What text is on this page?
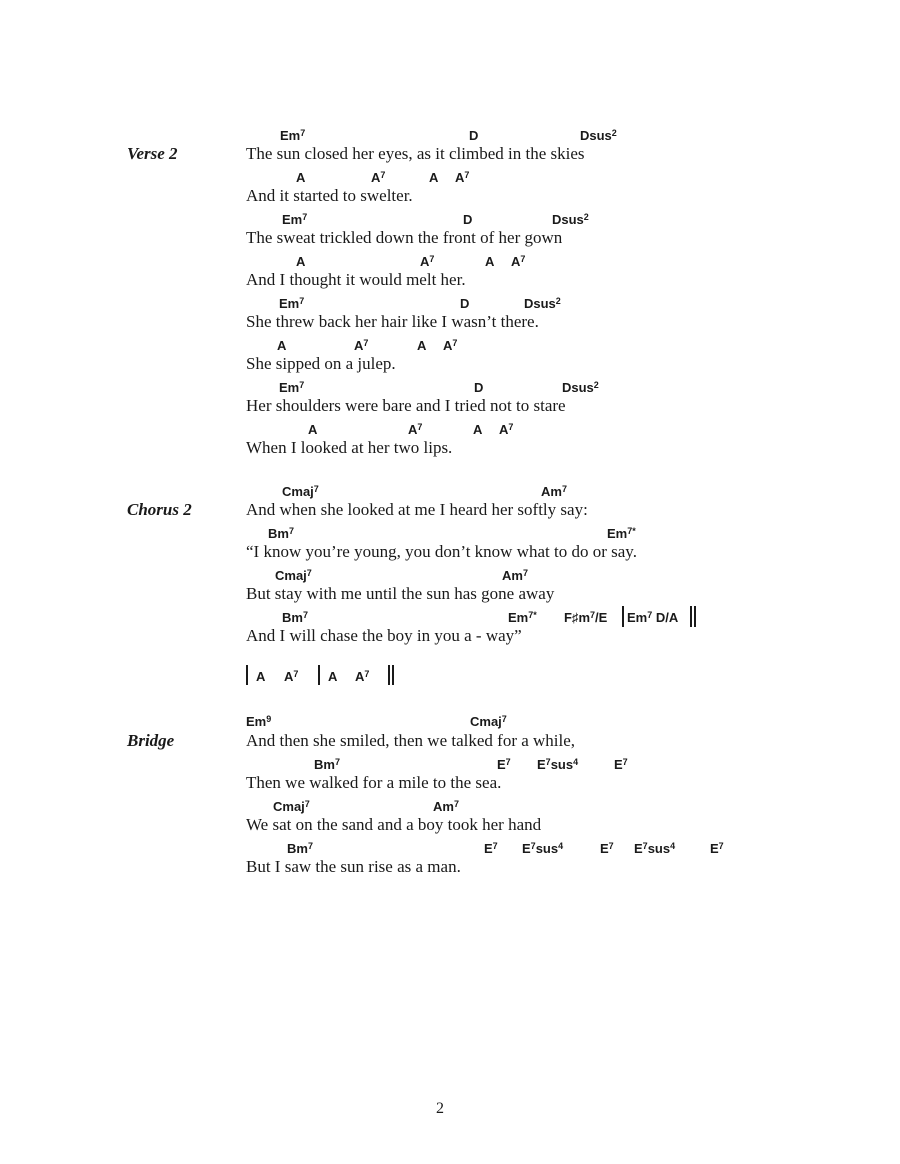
Verse 2
Em$^7$	D	Dsus$^2$
The sun closed her eyes, as it climbed in the skies
A	$A^7$	A $A^7$
And it started to swelter.
Em$^7$	D	Dsus$^2$
The sweat trickled down the front of her gown
A	$A^7$	A $A^7$
And I thought it would melt her.
Em$^7$	D	Dsus$^2$
She threw back her hair like I wasn’t there.
A	$A^7$	A $A^7$
She sipped on a julep.
Em$^7$	D	Dsus$^2$
Her shoulders were bare and I tried not to stare
A	$A^7$	A $A^7$
When I looked at her two lips.
Chorus 2
Cmaj$^7$	Am$^7$
And when she looked at me I heard her softly say:
Bm$^7$	$Em^{7*}$
“I know you’re young, you don’t know what to do or say.
Cmaj$^7$	Am$^7$
But stay with me until the sun has gone away
Bm$^7$	$Em^{7*}$ $F♯m^7/E$ Em$^7$ D/A
And I will chase the boy in you a - way”
A $A^7$ A $A^7$
Bridge
Em$^9$	Cmaj$^7$
And then she smiled, then we talked for a while,
Bm$^7$	$E^7$ $E^7sus^4$	$E^7$
Then we walked for a mile to the sea.
Cmaj$^7$	Am$^7$
We sat on the sand and a boy took her hand
Bm$^7$	$E^7$ $E^7sus^4$	$E^7$ $E^7sus^4$	$E^7$
But I saw the sun rise as a man.
2
